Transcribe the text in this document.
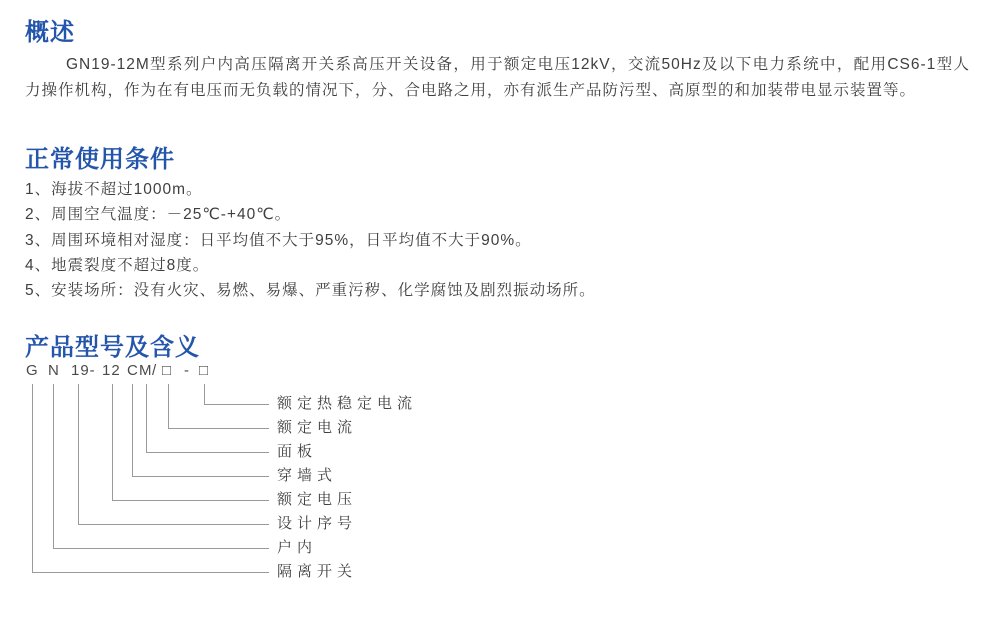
概述
GN19-12M型系列户内高压隔离开关系高压开关设备，用于额定电压12kV，交流50Hz及以下电力系统中，配用CS6-1型人力操作机构，作为在有电压而无负载的情况下，分、合电路之用，亦有派生产品防污型、高原型的和加装带电显示装置等。
正常使用条件
1、海拔不超过1000m。
2、周围空气温度：－25℃-+40℃。
3、周围环境相对湿度：日平均值不大于95%，日平均值不大于90%。
4、地震裂度不超过8度。
5、安装场所：没有火灾、易燃、易爆、严重污秽、化学腐蚀及剧烈振动场所。
产品型号及含义
G N 19- 12 C M / □ - □
隔离开关
户内
设计序号
额定电压
穿墙式
面板
额定电流
额定热稳定电流
